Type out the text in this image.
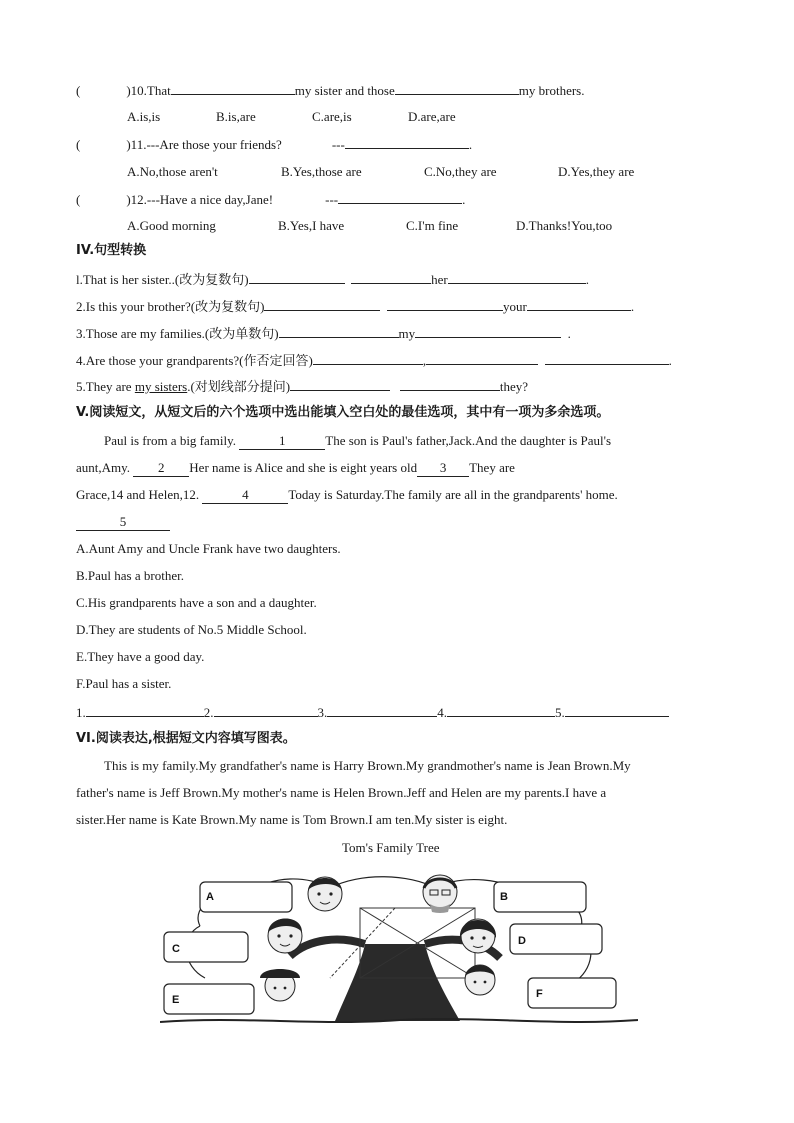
(	)10.That	my sister and those	my brothers.
A.is,is	B.is,are	C.are,is	D.are,are
(	)11.---Are those your friends?	---	.
A.No,those aren't	B.Yes,those are	C.No,they are	D.Yes,they are
(	)12.---Have a nice day,Jane!	---	.
A.Good morning	B.Yes,I have	C.I'm fine	D.Thanks!You,too
IV.句型转换
l.That is her sister..(改为复数句)	her	.
2.Is this your brother?(改为复数句)	your	.
3.Those are my families.(改为单数句)	my	.
4.Are those your grandparents?(作否定回答)	,	.
5.They are my sisters.(对划线部分提问)	they?
V.阅读短文，从短文后的六个选项中选出能填入空白处的最佳选项，其中有一项为多余选项。
Paul is from a big family.	1	The son is Paul's father,Jack.And the daughter is Paul's
aunt,Amy. 2 Her name is Alice and she is eight years old 3 They are
Grace,14 and Helen,12.	4	Today is Saturday.The family are all in the grandparents' home.
5
A.Aunt Amy and Uncle Frank have two daughters.
B.Paul has a brother.
C.His grandparents have a son and a daughter.
D.They are students of No.5 Middle School.
E.They have a good day.
F.Paul has a sister.
1.	2.	3.	4.	5.
VI.阅读表达,根据短文内容填写图表。
This is my family.My grandfather's name is Harry Brown.My grandmother's name is Jean Brown.My
father's name is Jeff Brown.My mother's name is Helen Brown.Jeff and Helen are my parents.I have a
sister.Her name is Kate Brown.My name is Tom Brown.I am ten.My sister is eight.
Tom's Family Tree
A	B
C
D
E	F
